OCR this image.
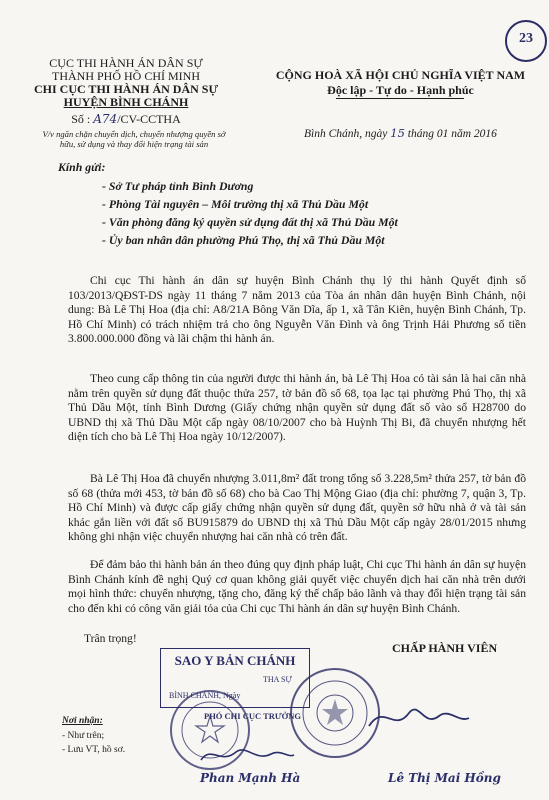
CỤC THI HÀNH ÁN DÂN SỰ
THÀNH PHỐ HỒ CHÍ MINH
CHI CỤC THI HÀNH ÁN DÂN SỰ
HUYỆN BÌNH CHÁNH
Số : A74/CV-CCTHA
V/v ngăn chặn chuyển dịch, chuyển nhượng quyền sở
hữu, sử dụng và thay đổi hiện trạng tài sản
CỘNG HOÀ XÃ HỘI CHỦ NGHĨA VIỆT NAM
Độc lập - Tự do - Hạnh phúc
Bình Chánh, ngày 15 tháng 01 năm 2016
23
Kính gửi:
- Sở Tư pháp tỉnh Bình Dương
- Phòng Tài nguyên – Môi trường thị xã Thủ Dầu Một
- Văn phòng đăng ký quyền sử dụng đất thị xã Thủ Dầu Một
- Ủy ban nhân dân phường Phú Thọ, thị xã Thủ Dầu Một
Chi cục Thi hành án dân sự huyện Bình Chánh thụ lý thi hành Quyết định số 103/2013/QĐST-DS ngày 11 tháng 7 năm 2013 của Tòa án nhân dân huyện Bình Chánh, nội dung: Bà Lê Thị Hoa (địa chỉ: A8/21A Bông Văn Dĩa, ấp 1, xã Tân Kiên, huyện Bình Chánh, Tp. Hồ Chí Minh) có trách nhiệm trả cho ông Nguyễn Văn Đình và ông Trịnh Hải Phương số tiền 3.800.000.000 đồng và lãi chậm thi hành án.
Theo cung cấp thông tin của người được thi hành án, bà Lê Thị Hoa có tài sản là hai căn nhà nằm trên quyền sử dụng đất thuộc thửa 257, tờ bản đồ số 68, tọa lạc tại phường Phú Thọ, thị xã Thủ Dầu Một, tỉnh Bình Dương (Giấy chứng nhận quyền sử dụng đất số vào sổ H28700 do UBND thị xã Thủ Dầu Một cấp ngày 08/10/2007 cho bà Huỳnh Thị Bi, đã chuyển nhượng hết diện tích cho bà Lê Thị Hoa ngày 10/12/2007).
Bà Lê Thị Hoa đã chuyển nhượng 3.011,8m² đất trong tổng số 3.228,5m² thửa 257, tờ bản đồ số 68 (thửa mới 453, tờ bản đồ số 68) cho bà Cao Thị Mộng Giao (địa chỉ: phường 7, quận 3, Tp. Hồ Chí Minh) và được cấp giấy chứng nhận quyền sử dụng đất, quyền sở hữu nhà ở và tài sản khác gắn liền với đất số BU915879 do UBND thị xã Thủ Dầu Một cấp ngày 28/01/2015 nhưng không ghi nhận việc chuyển nhượng hai căn nhà có trên đất.
Để đảm bảo thi hành bản án theo đúng quy định pháp luật, Chi cục Thi hành án dân sự huyện Bình Chánh kính đề nghị Quý cơ quan không giải quyết việc chuyển dịch hai căn nhà trên dưới mọi hình thức: chuyển nhượng, tặng cho, đăng ký thế chấp bảo lãnh và thay đổi hiện trạng tài sản cho đến khi có công văn giải tỏa của Chi cục Thi hành án dân sự huyện Bình Chánh.
Trân trọng!
CHẤP HÀNH VIÊN
SAO Y BẢN CHÁNH
THA SỰ
BÌNH CHÁNH, Ngày
PHÓ CHI CỤC TRƯỞNG
Phan Mạnh Hà	Lê Thị Mai Hồng
Nơi nhận:
- Như trên;
- Lưu VT, hồ sơ.
